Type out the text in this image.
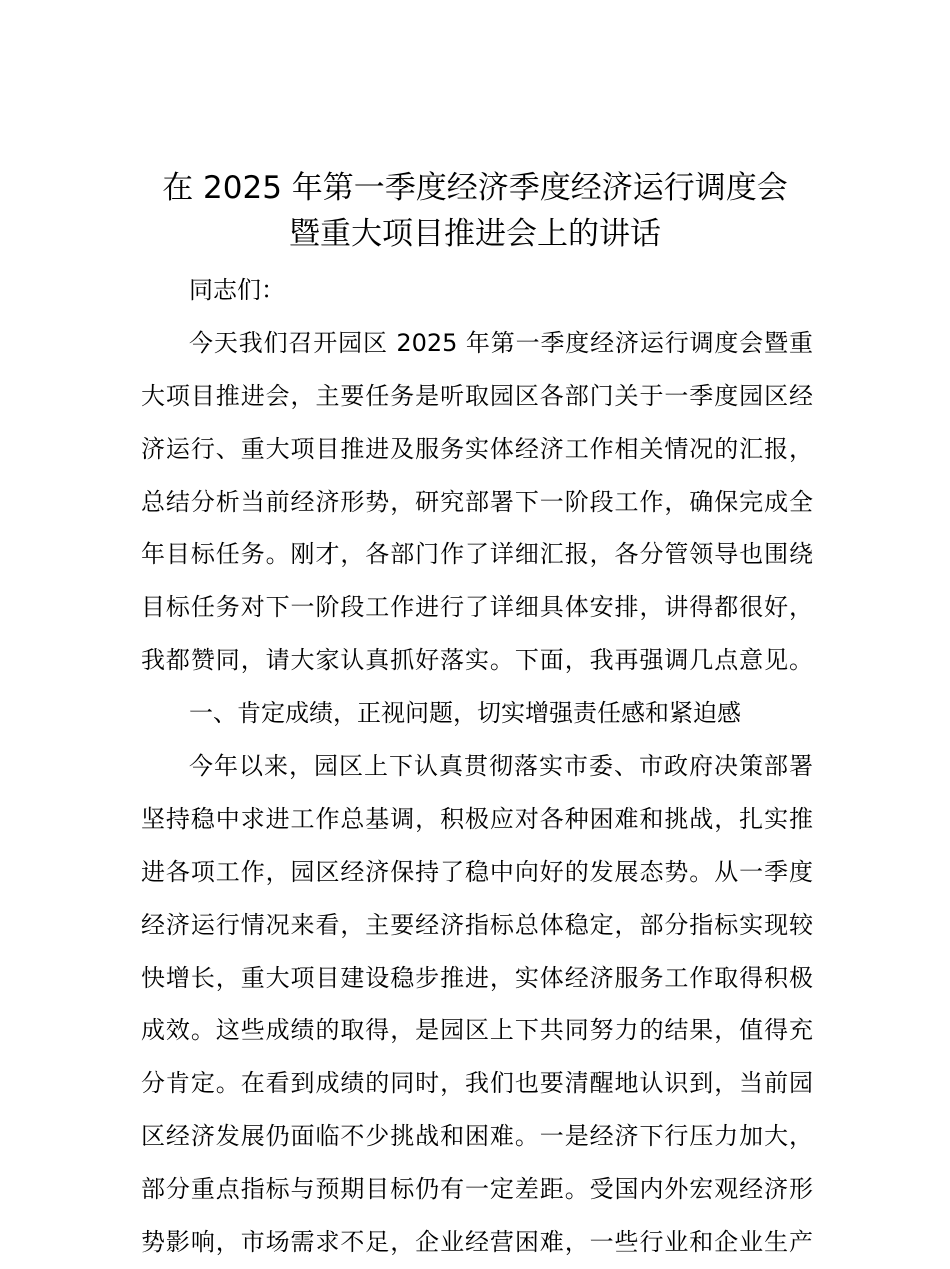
在 2025 年第一季度经济季度经济运行调度会
暨重大项目推进会上的讲话
同志们：
今天我们召开园区 2025 年第一季度经济运行调度会暨重
大项目推进会，主要任务是听取园区各部门关于一季度园区经
济运行、重大项目推进及服务实体经济工作相关情况的汇报，
总结分析当前经济形势，研究部署下一阶段工作，确保完成全
年目标任务。刚才，各部门作了详细汇报，各分管领导也围绕
目标任务对下一阶段工作进行了详细具体安排，讲得都很好，
我都赞同，请大家认真抓好落实。下面，我再强调几点意见。
一、肯定成绩，正视问题，切实增强责任感和紧迫感
今年以来，园区上下认真贯彻落实市委、市政府决策部署
坚持稳中求进工作总基调，积极应对各种困难和挑战，扎实推
进各项工作，园区经济保持了稳中向好的发展态势。从一季度
经济运行情况来看，主要经济指标总体稳定，部分指标实现较
快增长，重大项目建设稳步推进，实体经济服务工作取得积极
成效。这些成绩的取得，是园区上下共同努力的结果，值得充
分肯定。在看到成绩的同时，我们也要清醒地认识到，当前园
区经济发展仍面临不少挑战和困难。一是经济下行压力加大，
部分重点指标与预期目标仍有一定差距。受国内外宏观经济形
势影响，市场需求不足，企业经营困难，一些行业和企业生产
